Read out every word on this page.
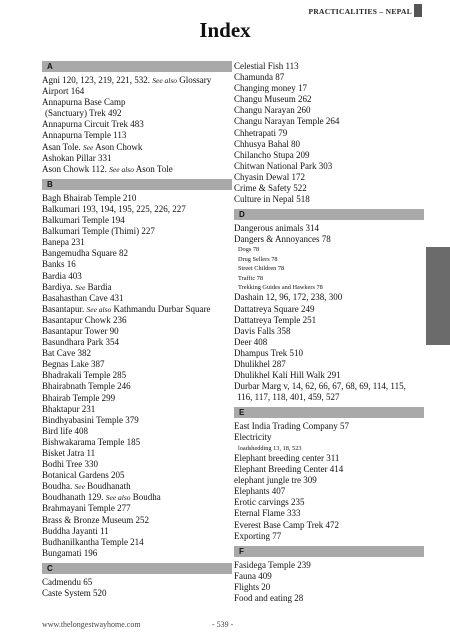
PRACTICALITIES – NEPAL
Index
A
Agni 120, 123, 219, 221, 532. See also Glossary
Airport 164
Annapurna Base Camp
(Sanctuary) Trek 492
Annapurna Circuit Trek 483
Annapurna Temple 113
Asan Tole. See Ason Chowk
Ashokan Pillar 331
Ason Chowk 112. See also Ason Tole
B
Bagh Bhairab Temple 210
Balkumari 193, 194, 195, 225, 226, 227
Balkumari Temple 194
Balkumari Temple (Thimi) 227
Banepa 231
Bangemudha Square 82
Banks 16
Bardia 403
Bardiya. See Bardia
Basahasthan Cave 431
Basantapur. See also Kathmandu Durbar Square
Basantapur Chowk 236
Basantapur Tower 90
Basundhara Park 354
Bat Cave 382
Begnas Lake 387
Bhadrakali Temple 285
Bhairabnath Temple 246
Bhairab Temple 299
Bhaktapur 231
Bindhyabasini Temple 379
Bird life 408
Bishwakarama Temple 185
Bisket Jatra 11
Bodhi Tree 330
Botanical Gardens 205
Boudha. See Boudhanath
Boudhanath 129. See also Boudha
Brahmayani Temple 277
Brass & Bronze Museum 252
Buddha Jayanti 11
Budhanilkantha Temple 214
Bungamati 196
C
Cadmendu 65
Caste System 520
Celestial Fish 113
Chamunda 87
Changing money 17
Changu Museum 262
Changu Narayan 260
Changu Narayan Temple 264
Chhetrapati 79
Chhusya Bahal 80
Chilancho Stupa 209
Chitwan National Park 303
Chyasin Dewal 172
Crime & Safety 522
Culture in Nepal 518
D
Dangerous animals 314
Dangers & Annoyances 78
Dogs 78
Drug Sellers 78
Street Children 78
Traffic 78
Trekking Guides and Hawkers 78
Dashain 12, 96, 172, 238, 300
Dattatreya Square 249
Dattatreya Temple 251
Davis Falls 358
Deer 408
Dhampus Trek 510
Dhulikhel 287
Dhulikhel Kali Hill Walk 291
Durbar Marg v, 14, 62, 66, 67, 68, 69, 114, 115,
116, 117, 118, 401, 459, 527
E
East India Trading Company 57
Electricity
loadshedding 13, 18, 523
Elephant breeding center 311
Elephant Breeding Center 414
elephant jungle tre 309
Elephants 407
Erotic carvings 235
Eternal Flame 333
Everest Base Camp Trek 472
Exporting 77
F
Fasidega Temple 239
Fauna 409
Flights 20
Food and eating 28
www.thelongestwayhome.com	- 539 -
